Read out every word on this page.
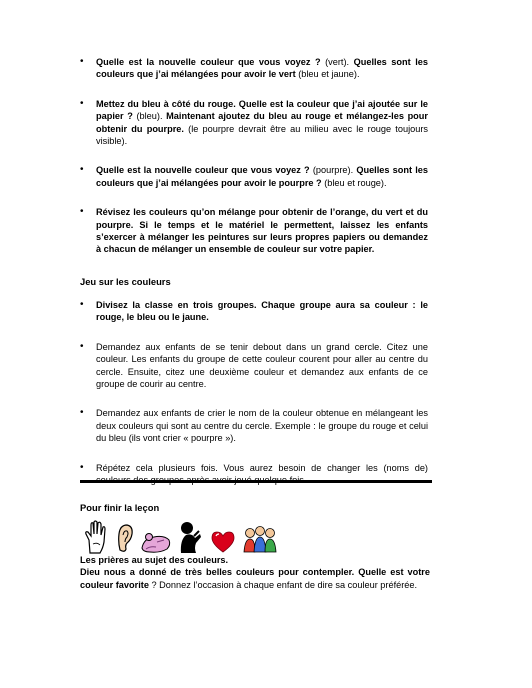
• Quelle est la nouvelle couleur que vous voyez ? (vert). Quelles sont les couleurs que j’ai mélangées pour avoir le vert (bleu et jaune).
• Mettez du bleu à côté du rouge. Quelle est la couleur que j’ai ajoutée sur le papier ? (bleu). Maintenant ajoutez du bleu au rouge et mélangez-les pour obtenir du pourpre. (le pourpre devrait être au milieu avec le rouge toujours visible).
• Quelle est la nouvelle couleur que vous voyez ? (pourpre). Quelles sont les couleurs que j’ai mélangées pour avoir le pourpre ? (bleu et rouge).
• Révisez les couleurs qu’on mélange pour obtenir de l’orange, du vert et du pourpre. Si le temps et le matériel le permettent, laissez les enfants s’exercer à mélanger les peintures sur leurs propres papiers ou demandez à chacun de mélanger un ensemble de couleur sur votre papier.
Jeu sur les couleurs
• Divisez la classe en trois groupes. Chaque groupe aura sa couleur : le rouge, le bleu ou le jaune.
• Demandez aux enfants de se tenir debout dans un grand cercle. Citez une couleur. Les enfants du groupe de cette couleur courent pour aller au centre du cercle. Ensuite, citez une deuxième couleur et demandez aux enfants de ce groupe de courir au centre.
• Demandez aux enfants de crier le nom de la couleur obtenue en mélangeant les deux couleurs qui sont au centre du cercle. Exemple : le groupe du rouge et celui du bleu (ils vont crier « pourpre »).
• Répétez cela plusieurs fois. Vous aurez besoin de changer les (noms de)
Pour finir la leçon

Les prières au sujet des couleurs.

Dieu nous a donné de très belles couleurs pour contempler. Quelle est votre couleur favorite ? Donnez l’occasion à chaque enfant de dire sa couleur préférée.
